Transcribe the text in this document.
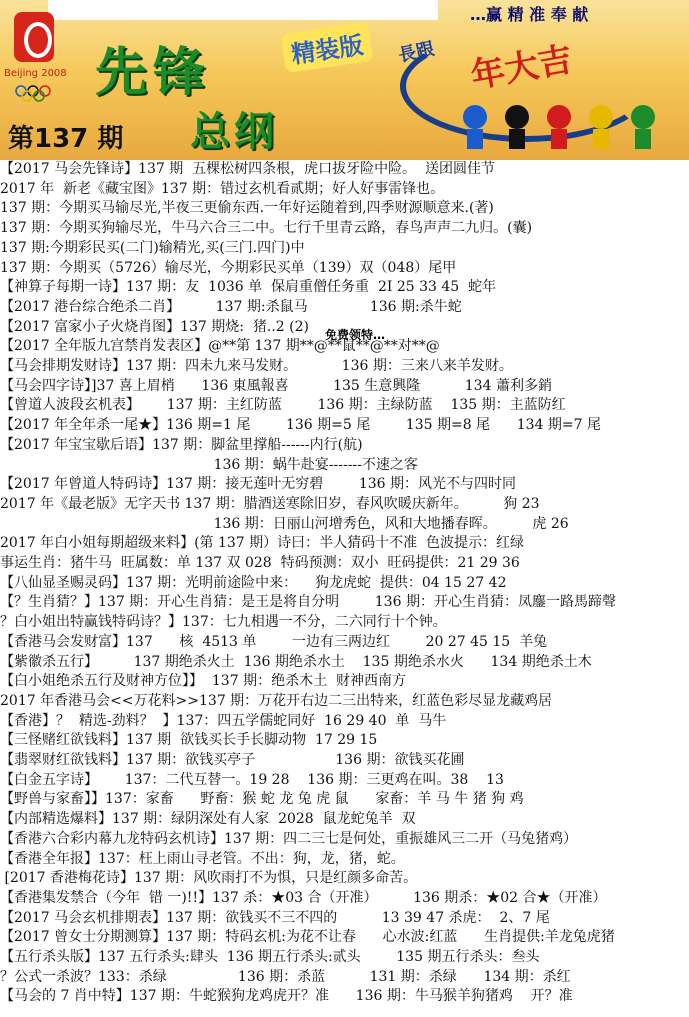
Beijing 2008
…赢 精 准 奉 献
先锋	精装版
第137 期 总纲
長跟 年大吉
【2017 马会先锋诗】137 期  五棵松树四条根，虎口拔牙险中险。  送团圆佳节
2017 年  新老《藏宝图》137 期：错过玄机看贰期；好人好事雷锋也。
137 期：今期买马输尽光,半夜三更偷东西.一年好运随着到,四季财源顺意来.(著)
137 期：今期买狗输尽光，牛马六合三二中。七行千里青云路，春鸟声声二九归。(囊)
137 期:今期彩民买(二门)输精光,买(三门.四门)中
137 期：今期买（5726）输尽光，今期彩民买单（139）双（048）尾甲
【神算子每期一诗】137 期：友  1036 单  保肩重僧任务重  2I 25 33 45  蛇年
【2017 港台综合绝杀二肖】        137 期:杀鼠马              136 期:杀牛蛇
【2017 富家小子火烧肖图】137 期烧:  猪..2 (2)
【2017 全年版九宫禁肖发表区】@**第 137 期**@**鼠**@**对**@
【马会排期发财诗】137 期：四未九来马发财。          136 期：三来八来羊发财。
【马会四字诗】]37 喜上眉梢      136 東風報喜          135 生意興隆          134 蕭利多銷
【曾道人波段玄机表】      137 期：主红防蓝        136 期：主绿防蓝    135 期：主蓝防红
【2017 年全年杀一尾★】136 期=1 尾        136 期=5 尾        135 期=8 尾      134 期=7 尾
【2017 年宝宝歇后语】137 期：脚盆里撑船------内行(航)
136 期：蜗牛赴宴-------不速之客
【2017 年曾道人特码诗】137 期：接无莲叶无穷碧        136 期：风光不与四时同
2017 年《最老版》无字天书 137 期：腊酒送寒除旧岁，春风吹暖庆新年。        狗 23
136 期：日丽山河增秀色，风和大地播春晖。        虎 26
2017 年白小姐每期超级来料】(第 137 期）诗曰：半人猜码十不准  色波提示：红绿
事运生肖：猪牛马  旺属数：单 137 双 028  特码预测：双小  旺码提供：21 29 36
【八仙显圣赐灵码】137 期：光明前途险中来：    狗龙虎蛇  提供：04 15 27 42
【？生肖猜？】137 期：开心生肖猜：是王是将自分明        136 期：开心生肖猜：凤鏖一路馬蹄聲
？白小姐出特赢钱特码诗？】137：七九相遇一不分，二六同行十个钟。
【香港马会发财富】137      核  4513 单        一边有三两边红        20 27 45 15  羊兔
【紫徽杀五行】        137 期绝杀火土  136 期绝杀水土    135 期绝杀水火      134 期绝杀土木
【白小姐绝杀五行及财神方位】】  137 期：绝杀木土  财神西南方
2017 年香港马会<<万花料>>137 期：万花开右边二三出特来，红蓝色彩尽显龙藏鸡居
【香港】？  精选-劲料？  】137：四五学儒蛇同好  16 29 40  单  马牛
【三怪赌红欲钱料】137 期  欲钱买长手长脚动物  17 29 15
【翡翠财红欲钱料】137 期：欲钱买亭子                  136 期：欲钱买花圃
【白金五字诗】      137：二代互替一。19 28    136 期：三更鸡在叫。38    13
【野兽与家畜】】137：家畜      野畜：猴 蛇 龙 兔 虎 鼠      家畜：羊 马 牛 猪 狗 鸡
【内部精选爆料】137 期：绿阴深处有人家  2028  鼠龙蛇兔羊  双
【香港六合彩内幕九龙特码玄机诗】137 期：四二三七是何处，重振雄风三二开（马兔猪鸡）
【香港全年报】137：枉上雨山寻老管。不出：狗，龙，猪，蛇。
[2017 香港梅花诗】137 期：风吹雨打不为惧，只是红颜多命苦。
【香港集发禁合（今年  错 一)!!】137 杀：★03 合（开准）        136 期杀：★02 合★（开准）
【2017 马会玄机排期表】137 期：欲钱买不三不四的          13 39 47 杀虎：  2、7 尾
【2017 曾女士分期测算】137 期：特码玄机:为花不让春      心水波:红蓝      生肖提供:羊龙兔虎猪
【五行杀头版】137 五行杀头:肆头  136 期五行杀头:贰头        135 期五行杀头：叁头
？公式一杀波？133：杀绿                136 期：杀蓝          131 期：杀绿      134 期：杀红
【马会的 7 肖中特】137 期：牛蛇猴狗龙鸡虎开？准      136 期：牛马猴羊狗猪鸡    开？准
免费领特…
